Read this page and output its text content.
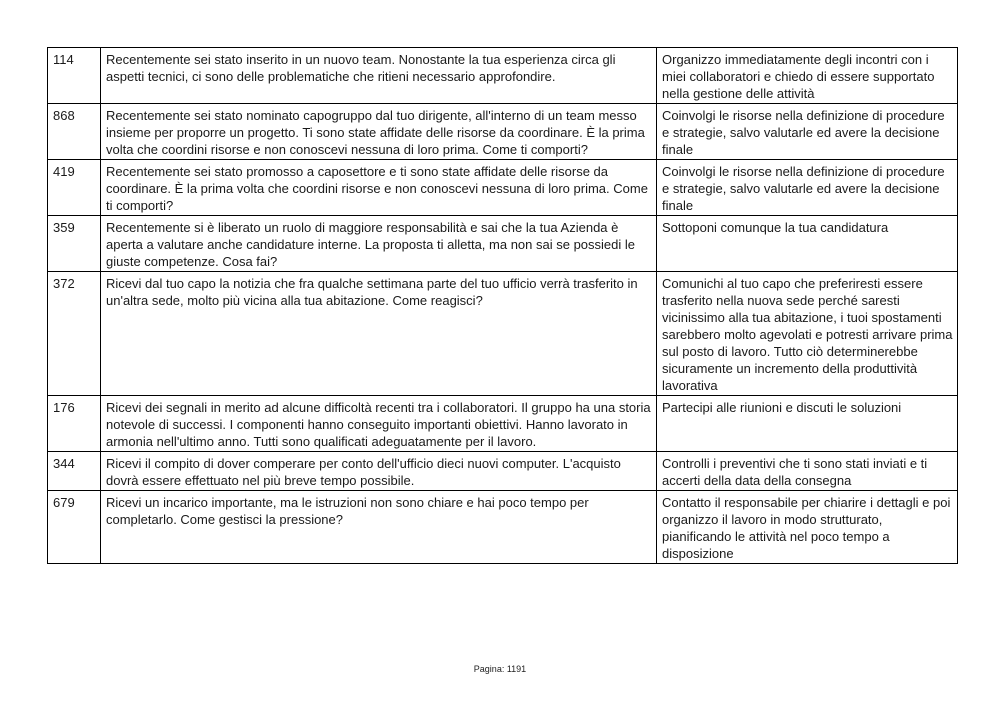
114	Recentemente sei stato inserito in un nuovo team. Nonostante la tua esperienza circa gli aspetti tecnici, ci sono delle problematiche che ritieni necessario approfondire.	Organizzo immediatamente degli incontri con i miei collaboratori e chiedo di essere supportato nella gestione delle attività
868	Recentemente sei stato nominato capogruppo dal tuo dirigente, all'interno di un team messo insieme per proporre un progetto. Ti sono state affidate delle risorse da coordinare. È la prima volta che coordini risorse e non conoscevi nessuna di loro prima. Come ti comporti?	Coinvolgi le risorse nella definizione di procedure e strategie, salvo valutarle ed avere la decisione finale
419	Recentemente sei stato promosso a caposettore e ti sono state affidate delle risorse da coordinare. È la prima volta che coordini risorse e non conoscevi nessuna di loro prima. Come ti comporti?	Coinvolgi le risorse nella definizione di procedure e strategie, salvo valutarle ed avere la decisione finale
359	Recentemente si è liberato un ruolo di maggiore responsabilità e sai che la tua Azienda è aperta a valutare anche candidature interne. La proposta ti alletta, ma non sai se possiedi le giuste competenze. Cosa fai?	Sottoponi comunque la tua candidatura
372	Ricevi dal tuo capo la notizia che fra qualche settimana parte del tuo ufficio verrà trasferito in un'altra sede, molto più vicina alla tua abitazione. Come reagisci?	Comunichi al tuo capo che preferiresti essere trasferito nella nuova sede perché saresti vicinissimo alla tua abitazione, i tuoi spostamenti sarebbero molto agevolati e potresti arrivare prima sul posto di lavoro. Tutto ciò determinerebbe sicuramente un incremento della produttività lavorativa
176	Ricevi dei segnali in merito ad alcune difficoltà recenti tra i collaboratori. Il gruppo ha una storia notevole di successi. I componenti hanno conseguito importanti obiettivi. Hanno lavorato in armonia nell'ultimo anno. Tutti sono qualificati adeguatamente per il lavoro.	Partecipi alle riunioni e discuti le soluzioni
344	Ricevi il compito di dover comperare per conto dell'ufficio dieci nuovi computer. L'acquisto dovrà essere effettuato nel più breve tempo possibile.	Controlli i preventivi che ti sono stati inviati e ti accerti della data della consegna
679	Ricevi un incarico importante, ma le istruzioni non sono chiare e hai poco tempo per completarlo. Come gestisci la pressione?	Contatto il responsabile per chiarire i dettagli e poi organizzo il lavoro in modo strutturato, pianificando le attività nel poco tempo a disposizione
Pagina: 1191
